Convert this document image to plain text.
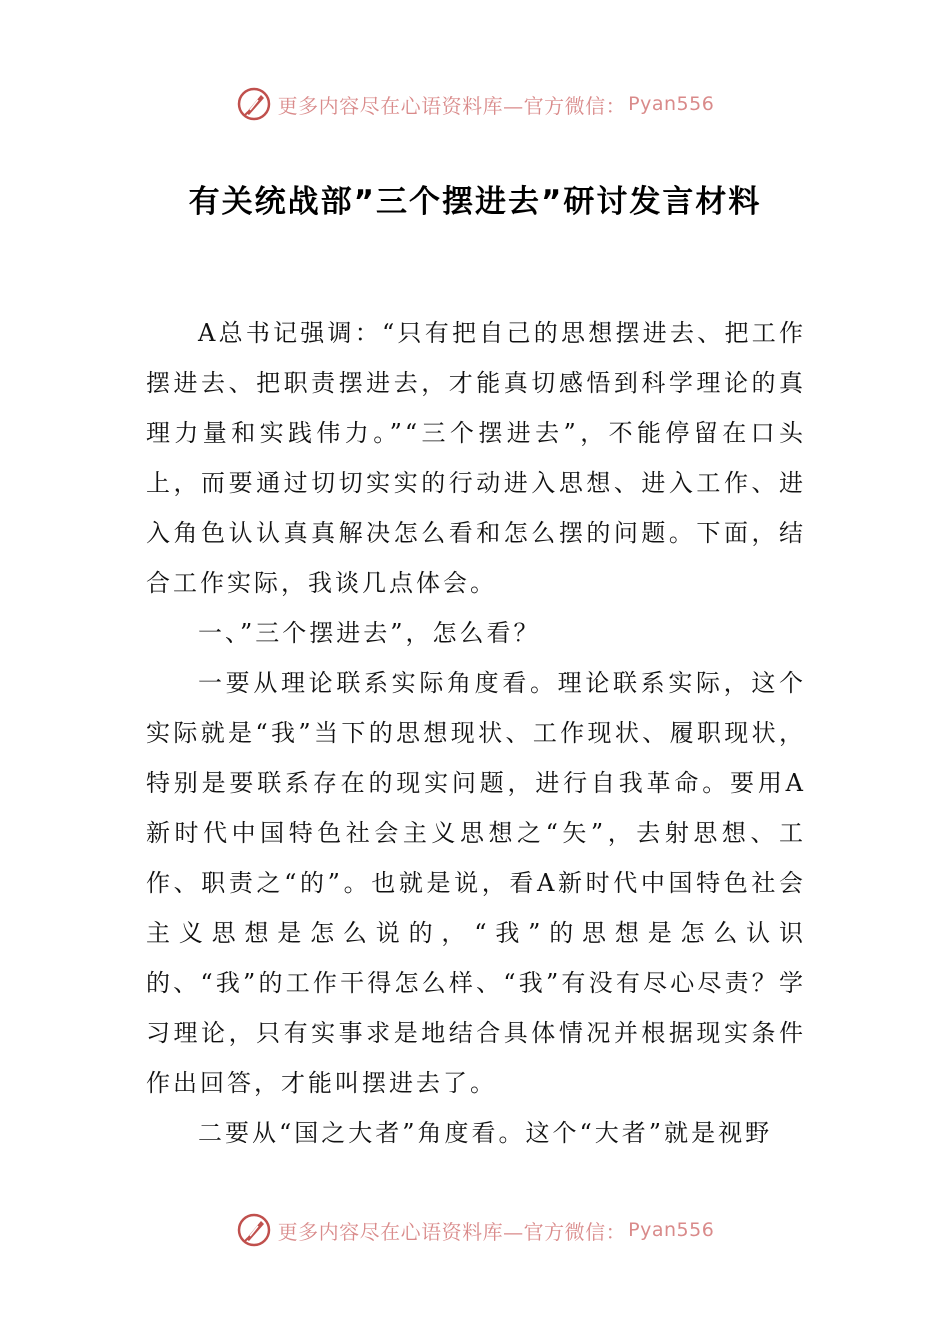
更多内容尽在心语资料库—官方微信： Pyan556
有关统战部”三个摆进去”研讨发言材料

A总书记强调：“只有把自己的思想摆进去、把工作摆进去、把职责摆进去，才能真切感悟到科学理论的真理力量和实践伟力。”“三个摆进去”，不能停留在口头上，而要通过切切实实的行动进入思想、进入工作、进入角色认认真真解决怎么看和怎么摆的问题。下面，结合工作实际，我谈几点体会。

一、”三个摆进去”，怎么看？

一要从理论联系实际角度看。理论联系实际，这个实际就是“我”当下的思想现状、工作现状、履职现状，特别是要联系存在的现实问题，进行自我革命。要用A新时代中国特色社会主义思想之“矢”，去射思想、工作、职责之“的”。也就是说，看A新时代中国特色社会主义思想是怎么说的，“我”的思想是怎么认识的、“我”的工作干得怎么样、“我”有没有尽心尽责？学习理论，只有实事求是地结合具体情况并根据现实条件作出回答，才能叫摆进去了。

二要从“国之大者”角度看。这个“大者”就是视野

更多内容尽在心语资料库—官方微信： Pyan556
